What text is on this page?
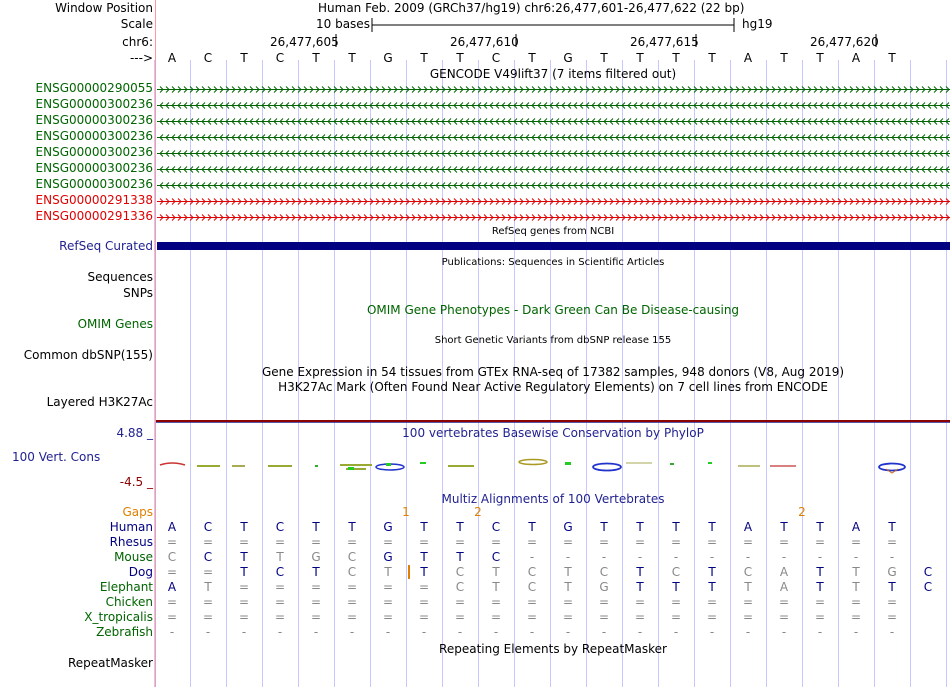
Window Position	Human Feb. 2009 (GRCh37/hg19) chr6:26,477,601-26,477,622 (22 bp)
Scale	10 bases	hg19
chr6:	26,477,605	26,477,610	26,477,615	26,477,620
--->	A	C	T	C	T	T	G	T	T	C	T	G	T	T	T	T	A	T	T	A	T
GENCODE V49lift37 (7 items filtered out)
ENSG00000290055
ENSG00000300236
ENSG00000300236
ENSG00000300236
ENSG00000300236
ENSG00000300236
ENSG00000300236
ENSG00000291338
ENSG00000291336
RefSeq genes from NCBI
RefSeq Curated
Publications: Sequences in Scientific Articles
Sequences
SNPs
OMIM Gene Phenotypes - Dark Green Can Be Disease-causing
OMIM Genes
Short Genetic Variants from dbSNP release 155
Common dbSNP(155)
Gene Expression in 54 tissues from GTEx RNA-seq of 17382 samples, 948 donors (V8, Aug 2019)
H3K27Ac Mark (Often Found Near Active Regulatory Elements) on 7 cell lines from ENCODE
Layered H3K27Ac
4.88 _	100 vertebrates Basewise Conservation by PhyloP
100 Vert. Cons
-4.5 _
Multiz Alignments of 100 Vertebrates
Gaps	1	2	2
Human	A	C	T	C	T	T	G	T	T	C	T	G	T	T	T	T	A	T	T	A	T
Rhesus = = = = = = = = = = = = = = = = = = = = =
Mouse	C	C	T	T	G	C	G	T	T	C	-	-	-	-	-	-	-	-	-	-	-
Dog = =	T	C	T	C	T	T	C	T	C	T	C	T	C	T	C	A	T	T	G	C
Elephant	A	T	= = = = = =	C	T	C	T	G	T	T	T	T	A	T	T	T	C
Chicken = = = = = = = = = = = = = = = = = = = = =
X_tropicalis = = = = = = = = = = = = = = = = = = = = =
Zebrafish	-	-	-	-	-	-	-	-	-	-	-	-	-	-	-	-	-	-	-	-	-
Repeating Elements by RepeatMasker
RepeatMasker
